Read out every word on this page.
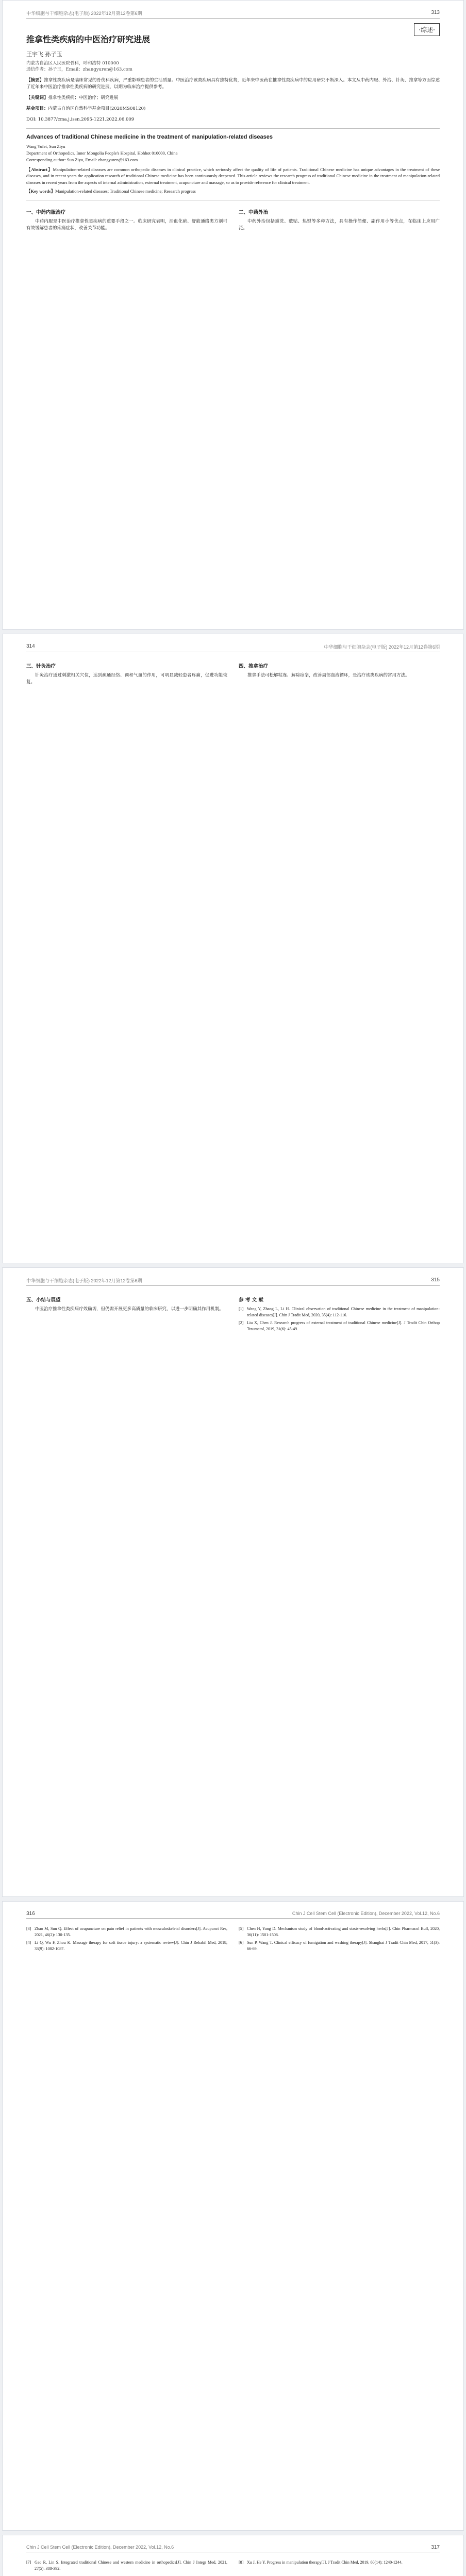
中华细胞与干细胞杂志(电子版) 2022年12月第12卷第6期	313
·综述·
推拿性类疾病的中医治疗研究进展
王宇飞 孙子玉
内蒙古自治区人民医院骨科，呼和浩特 010000
通信作者：孙子玉，Email：zhangyuren@163.com
【摘要】推拿性类疾病是临床常见的骨伤科疾病，严重影响患者的生活质量。中医治疗该类疾病具有独特优势，近年来中医药在推拿性类疾病中的应用研究不断深入。本文从中药内服、外治、针灸、推拿等方面综述了近年来中医治疗推拿性类疾病的研究进展，以期为临床治疗提供参考。
【关键词】推拿性类疾病；中医治疗；研究进展
基金项目：内蒙古自治区自然科学基金项目(2020MS08120)
DOI: 10.3877/cma.j.issn.2095-1221.2022.06.009
Advances of traditional Chinese medicine in the treatment of manipulation-related diseases
Wang Yufei, Sun Ziyu
Department of Orthopedics, Inner Mongolia People's Hospital, Hohhot 010000, China
Corresponding author: Sun Ziyu, Email: zhangyuren@163.com
【Abstract】Manipulation-related diseases are common orthopedic diseases in clinical practice, which seriously affect the quality of life of patients. Traditional Chinese medicine has unique advantages in the treatment of these diseases, and in recent years the application research of traditional Chinese medicine has been continuously deepened. This article reviews the research progress of traditional Chinese medicine in the treatment of manipulation-related diseases in recent years from the aspects of internal administration, external treatment, acupuncture and massage, so as to provide reference for clinical treatment.
【Key words】Manipulation-related diseases; Traditional Chinese medicine; Research progress
一、中药内服治疗

中药内服是中医治疗推拿性类疾病的重要手段之一。临床研究表明，活血化瘀、舒筋通络类方剂可有效缓解患者的疼痛症状，改善关节功能。

二、中药外治

中药外治包括熏洗、敷贴、热熨等多种方法，具有操作简便、副作用小等优点，在临床上应用广泛。

314	中华细胞与干细胞杂志(电子版) 2022年12月第12卷第6期
三、针灸治疗

针灸治疗通过刺激相关穴位，达到疏通经络、调和气血的作用，可明显减轻患者疼痛，促进功能恢复。

四、推拿治疗

推拿手法可松解粘连、解除痉挛，改善局部血液循环，是治疗该类疾病的常用方法。

中华细胞与干细胞杂志(电子版) 2022年12月第12卷第6期	315
五、小结与展望

中医治疗推拿性类疾病疗效确切，但仍需开展更多高质量的临床研究，以进一步明确其作用机制。

参 考 文 献
[1] Wang Y, Zhang L, Li H. Clinical observation of traditional Chinese medicine in the treatment of manipulation-related diseases[J]. Chin J Tradit Med, 2020, 35(4): 112-116.
[2] Liu X, Chen J. Research progress of external treatment of traditional Chinese medicine[J]. J Tradit Chin Orthop Traumatol, 2019, 31(6): 45-49.
316	Chin J Cell Stem Cell (Electronic Edition), December 2022, Vol.12, No.6
[3] Zhao M, Sun Q. Effect of acupuncture on pain relief in patients with musculoskeletal disorders[J]. Acupunct Res, 2021, 46(2): 130-135.
[4] Li Q, Wu F, Zhou K. Massage therapy for soft tissue injury: a systematic review[J]. Chin J Rehabil Med, 2018, 33(9): 1082-1087.
[5] Chen H, Yang D. Mechanism study of blood-activating and stasis-resolving herbs[J]. Chin Pharmacol Bull, 2020, 36(11): 1501-1506.
[6] Sun P, Wang T. Clinical efficacy of fumigation and washing therapy[J]. Shanghai J Tradit Chin Med, 2017, 51(3): 66-69.
Chin J Cell Stem Cell (Electronic Edition), December 2022, Vol.12, No.6	317
[7] Gao R, Lin S. Integrated traditional Chinese and western medicine in orthopedics[J]. Chin J Integr Med, 2021, 27(5): 388-392.
[8] Xu J, He Y. Progress in manipulation therapy[J]. J Tradit Chin Med, 2019, 60(14): 1240-1244.
